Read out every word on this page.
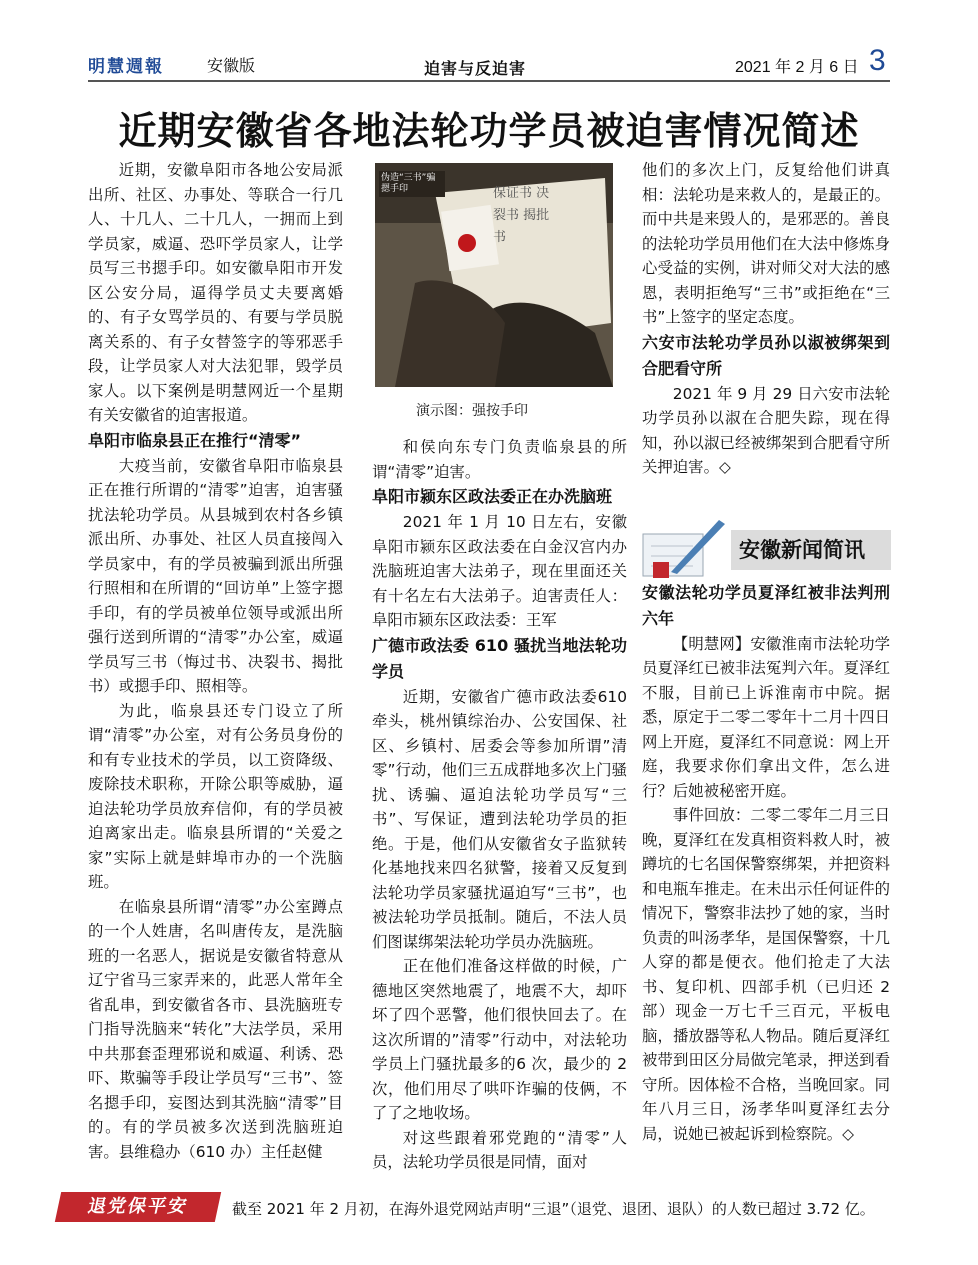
明慧週報	安徽版	迫害与反迫害	2021 年 2 月 6 日 3
近期安徽省各地法轮功学员被迫害情况简述

近期，安徽阜阳市各地公安局派出所、社区、办事处、等联合一行几人、十几人、二十几人，一拥而上到学员家，威逼、恐吓学员家人，让学员写三书摁手印。如安徽阜阳市开发区公安分局，逼得学员丈夫要离婚的、有子女骂学员的、有要与学员脱离关系的、有子女替签字的等邪恶手段，让学员家人对大法犯罪，毁学员家人。以下案例是明慧网近一个星期有关安徽省的迫害报道。

阜阳市临泉县正在推行“清零”

大疫当前，安徽省阜阳市临泉县正在推行所谓的“清零”迫害，迫害骚扰法轮功学员。从县城到农村各乡镇派出所、办事处、社区人员直接闯入学员家中，有的学员被骗到派出所强行照相和在所谓的“回访单”上签字摁手印，有的学员被单位领导或派出所强行送到所谓的“清零”办公室，威逼学员写三书（悔过书、决裂书、揭批书）或摁手印、照相等。

为此，临泉县还专门设立了所谓“清零”办公室，对有公务员身份的和有专业技术的学员，以工资降级、废除技术职称，开除公职等威胁，逼迫法轮功学员放弃信仰，有的学员被迫离家出走。临泉县所谓的“关爱之家”实际上就是蚌埠市办的一个洗脑班。

在临泉县所谓“清零”办公室蹲点的一个人姓唐，名叫唐传友，是洗脑班的一名恶人，据说是安徽省特意从辽宁省马三家弄来的，此恶人常年全省乱串，到安徽省各市、县洗脑班专门指导洗脑来“转化”大法学员，采用中共那套歪理邪说和威逼、利诱、恐吓、欺骗等手段让学员写“三书”、签名摁手印，妄图达到其洗脑“清零”目的。有的学员被多次送到洗脑班迫害。县维稳办（610 办）主任赵健

伪造“三书”骗摁手印	保证书 决裂书 揭批书
演示图：强按手印

和侯向东专门负责临泉县的所谓“清零”迫害。

阜阳市颍东区政法委正在办洗脑班

2021 年 1 月 10 日左右，安徽阜阳市颍东区政法委在白金汉宫内办洗脑班迫害大法弟子，现在里面还关有十名左右大法弟子。迫害责任人：阜阳市颍东区政法委：王军

广德市政法委 610 骚扰当地法轮功学员

近期，安徽省广德市政法委610 牵头，桃州镇综治办、公安国保、社区、乡镇村、居委会等参加所谓”清零”行动，他们三五成群地多次上门骚扰、诱骗、逼迫法轮功学员写“三书”、写保证，遭到法轮功学员的拒绝。于是，他们从安徽省女子监狱转化基地找来四名狱警，接着又反复到法轮功学员家骚扰逼迫写“三书”，也被法轮功学员抵制。随后，不法人员们图谋绑架法轮功学员办洗脑班。

正在他们准备这样做的时候，广德地区突然地震了，地震不大，却吓坏了四个恶警，他们很快回去了。在这次所谓的”清零”行动中，对法轮功学员上门骚扰最多的6 次，最少的 2 次，他们用尽了哄吓诈骗的伎俩，不了了之地收场。

对这些跟着邪党跑的“清零”人员，法轮功学员很是同情，面对

他们的多次上门，反复给他们讲真相：法轮功是来救人的，是最正的。而中共是来毁人的，是邪恶的。善良的法轮功学员用他们在大法中修炼身心受益的实例，讲对师父对大法的感恩，表明拒绝写“三书”或拒绝在“三书”上签字的坚定态度。

六安市法轮功学员孙以淑被绑架到合肥看守所

2021 年 9 月 29 日六安市法轮功学员孙以淑在合肥失踪，现在得知，孙以淑已经被绑架到合肥看守所关押迫害。◇

安徽法轮功学员夏泽红被非法判刑六年

【明慧网】安徽淮南市法轮功学员夏泽红已被非法冤判六年。夏泽红不服，目前已上诉淮南市中院。据悉，原定于二零二零年十二月十四日网上开庭，夏泽红不同意说：网上开庭，我要求你们拿出文件，怎么进行？后她被秘密开庭。

事件回放：二零二零年二月三日晚，夏泽红在发真相资料救人时，被蹲坑的七名国保警察绑架，并把资料和电瓶车推走。在未出示任何证件的情况下，警察非法抄了她的家，当时负责的叫汤孝华，是国保警察，十几人穿的都是便衣。他们抢走了大法书、复印机、四部手机（已归还 2 部）现金一万七千三百元，平板电脑，播放器等私人物品。随后夏泽红被带到田区分局做完笔录，押送到看守所。因体检不合格，当晚回家。同年八月三日，汤孝华叫夏泽红去分局，说她已被起诉到检察院。◇

安徽新闻简讯
退党保平安	截至 2021 年 2 月初，在海外退党网站声明“三退”（退党、退团、退队）的人数已超过 3.72 亿。
